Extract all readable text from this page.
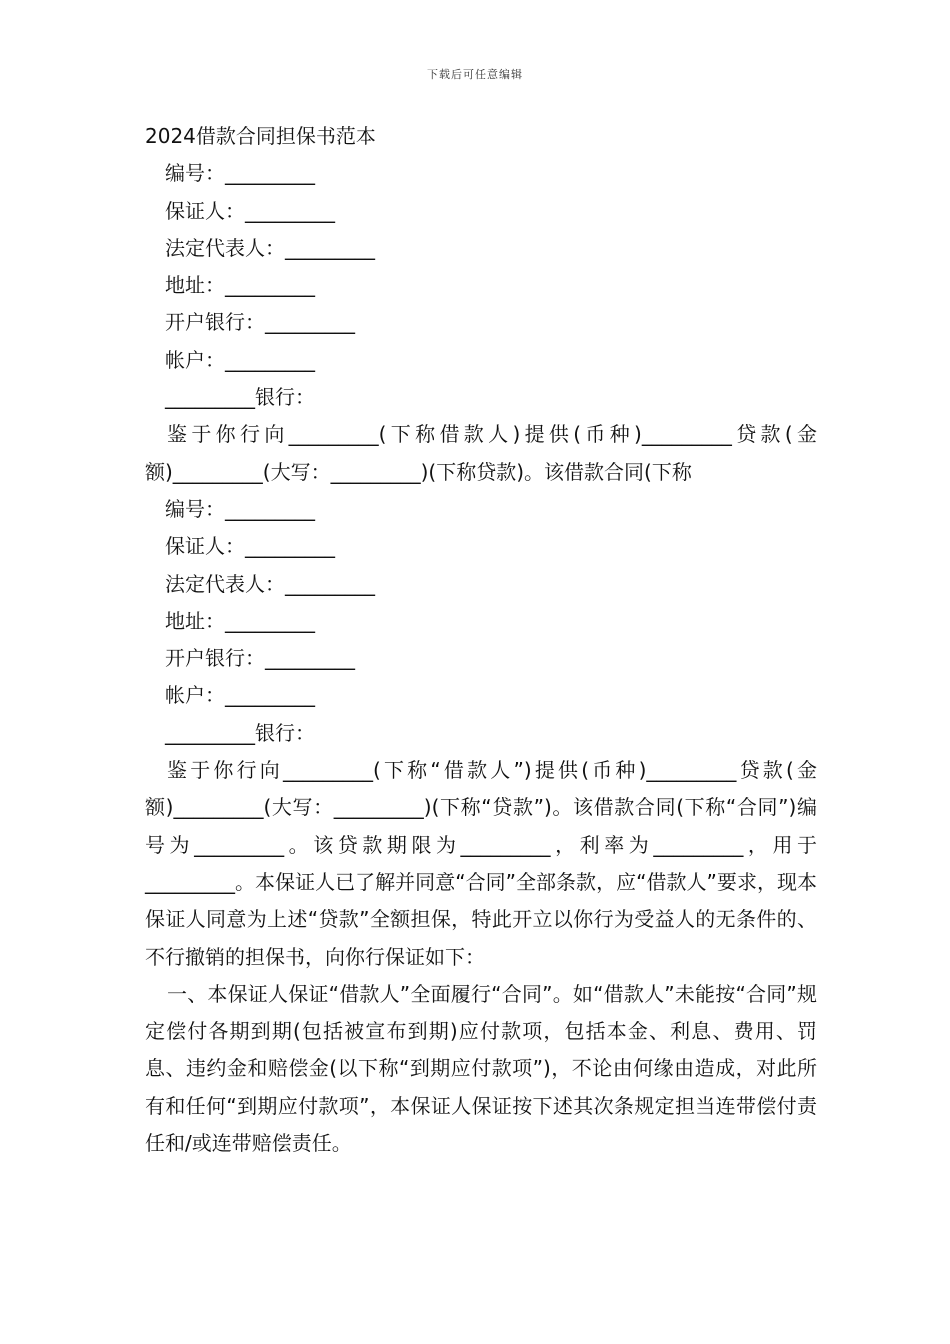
下载后可任意编辑

2024借款合同担保书范本

编号：_________

保证人：_________

法定代表人：_________

地址：_________

开户银行：_________

帐户：_________

_________银行：

鉴于你行向_________(下称借款人)提供(币种)_________贷款(金额)_________(大写：_________)(下称贷款)。该借款合同(下称

编号：_________

保证人：_________

法定代表人：_________

地址：_________

开户银行：_________

帐户：_________

_________银行：

鉴于你行向_________(下称“借款人”)提供(币种)_________贷款(金额)_________(大写：_________)(下称“贷款”)。该借款合同(下称“合同”)编号为_________。该贷款期限为_________，利率为_________，用于_________。本保证人已了解并同意“合同”全部条款，应“借款人”要求，现本保证人同意为上述“贷款”全额担保，特此开立以你行为受益人的无条件的、不行撤销的担保书，向你行保证如下：

一、本保证人保证“借款人”全面履行“合同”。如“借款人”未能按“合同”规定偿付各期到期(包括被宣布到期)应付款项，包括本金、利息、费用、罚息、违约金和赔偿金(以下称“到期应付款项”)，不论由何缘由造成，对此所有和任何“到期应付款项”，本保证人保证按下述其次条规定担当连带偿付责任和/或连带赔偿责任。
